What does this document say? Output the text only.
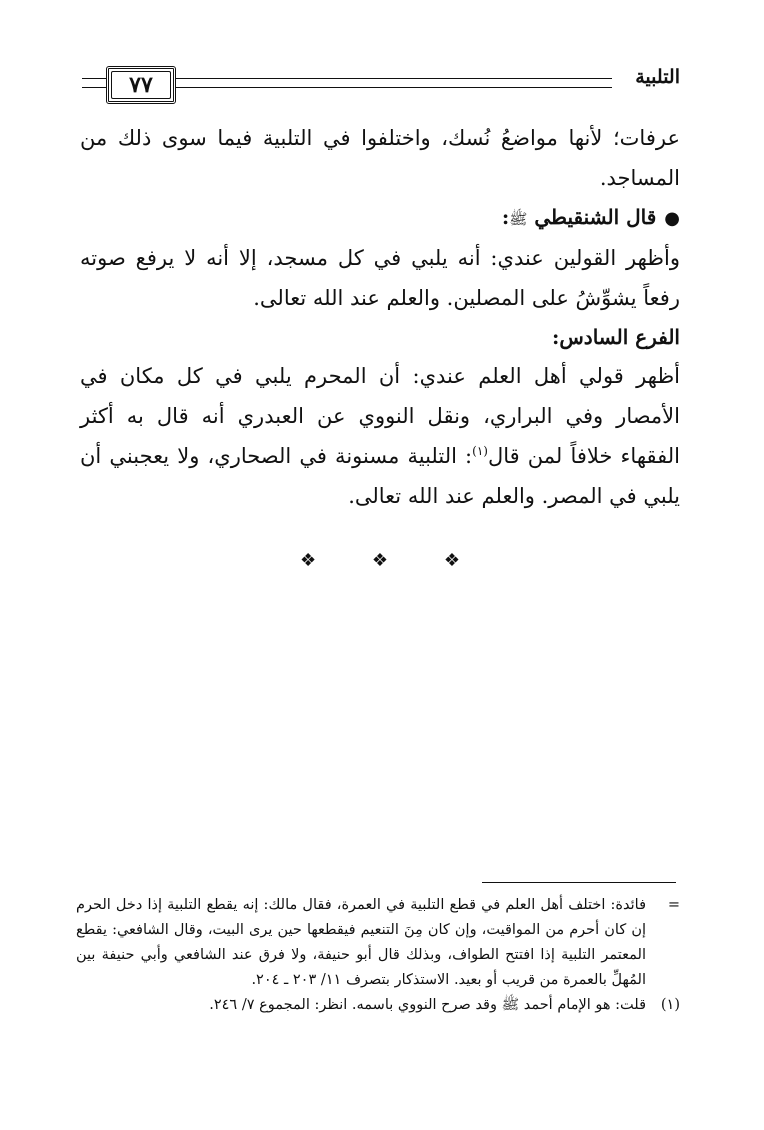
٧٧	التلبية

عرفات؛ لأنها مواضعُ نُسك، واختلفوا في التلبية فيما سوى ذلك من المساجد.

●قال الشنقيطي ﷺ:

وأظهر القولين عندي: أنه يلبي في كل مسجد، إلا أنه لا يرفع صوته رفعاً يشوِّشُ على المصلين. والعلم عند الله تعالى.

الفرع السادس:

أظهر قولي أهل العلم عندي: أن المحرم يلبي في كل مكان في الأمصار وفي البراري، ونقل النووي عن العبدري أنه قال به أكثر الفقهاء خلافاً لمن قال$^{(١)}$: التلبية مسنونة في الصحاري، ولا يعجبني أن يلبي في المصر. والعلم عند الله تعالى.

❖	❖	❖
=

فائدة: اختلف أهل العلم في قطع التلبية في العمرة، فقال مالك: إنه يقطع التلبية إذا دخل الحرم إن كان أحرم من المواقيت، وإن كان مِنَ التنعيم فيقطعها حين يرى البيت، وقال الشافعي: يقطع المعتمر التلبية إذا افتتح الطواف، وبذلك قال أبو حنيفة، ولا فرق عند الشافعي وأبي حنيفة بين المُهلِّ بالعمرة من قريب أو بعيد. الاستذكار بتصرف ١١/ ٢٠٣ ـ ٢٠٤.

(١)

قلت: هو الإمام أحمد ﷺ وقد صرح النووي باسمه. انظر: المجموع ٧/ ٢٤٦.
